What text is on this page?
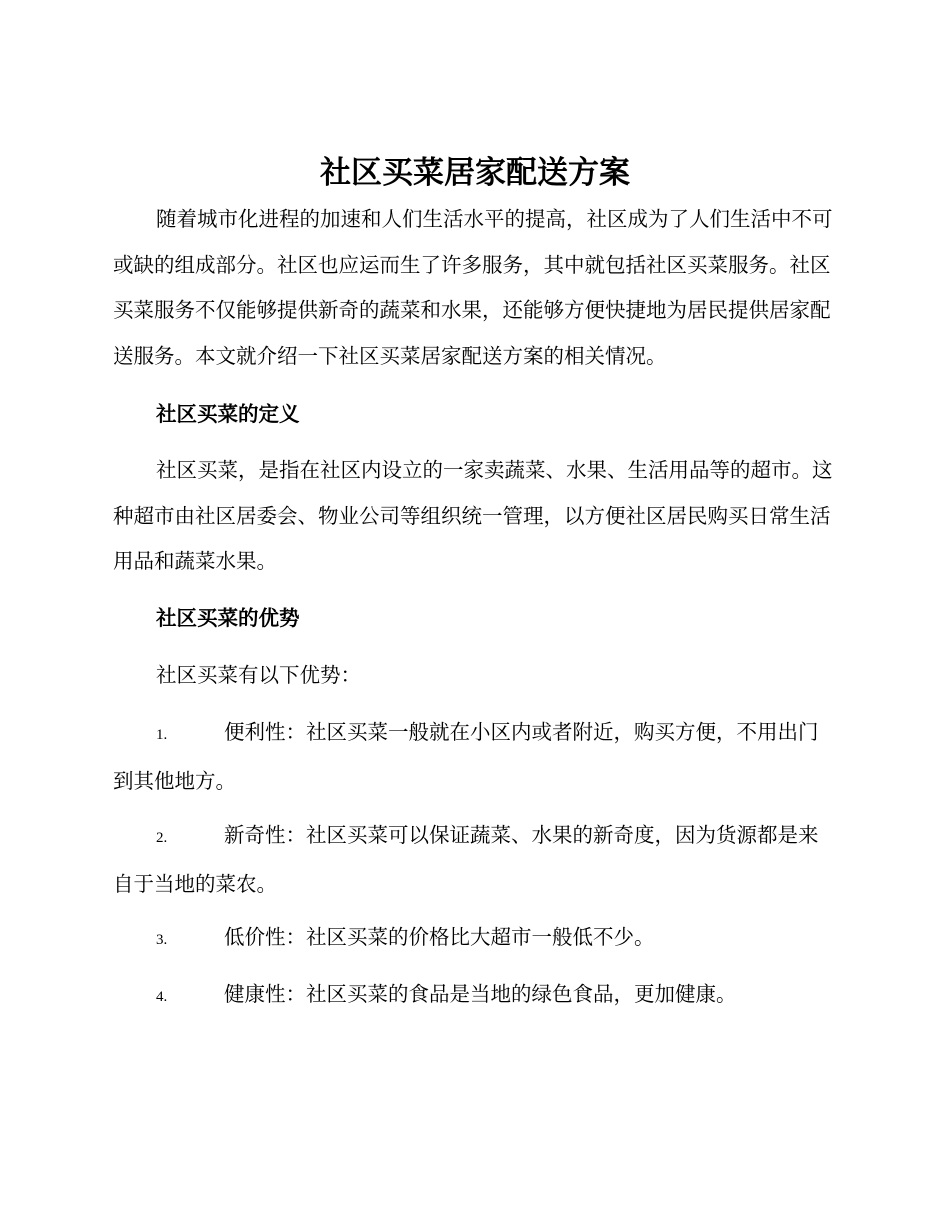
社区买菜居家配送方案
随着城市化进程的加速和人们生活水平的提高，社区成为了人们生活中不可或缺的组成部分。社区也应运而生了许多服务，其中就包括社区买菜服务。社区买菜服务不仅能够提供新奇的蔬菜和水果，还能够方便快捷地为居民提供居家配送服务。本文就介绍一下社区买菜居家配送方案的相关情况。
社区买菜的定义
社区买菜，是指在社区内设立的一家卖蔬菜、水果、生活用品等的超市。这种超市由社区居委会、物业公司等组织统一管理，以方便社区居民购买日常生活用品和蔬菜水果。
社区买菜的优势
社区买菜有以下优势：
1.	便利性：社区买菜一般就在小区内或者附近，购买方便，不用出门到其他地方。
2.	新奇性：社区买菜可以保证蔬菜、水果的新奇度，因为货源都是来自于当地的菜农。
3.	低价性：社区买菜的价格比大超市一般低不少。
4.	健康性：社区买菜的食品是当地的绿色食品，更加健康。
